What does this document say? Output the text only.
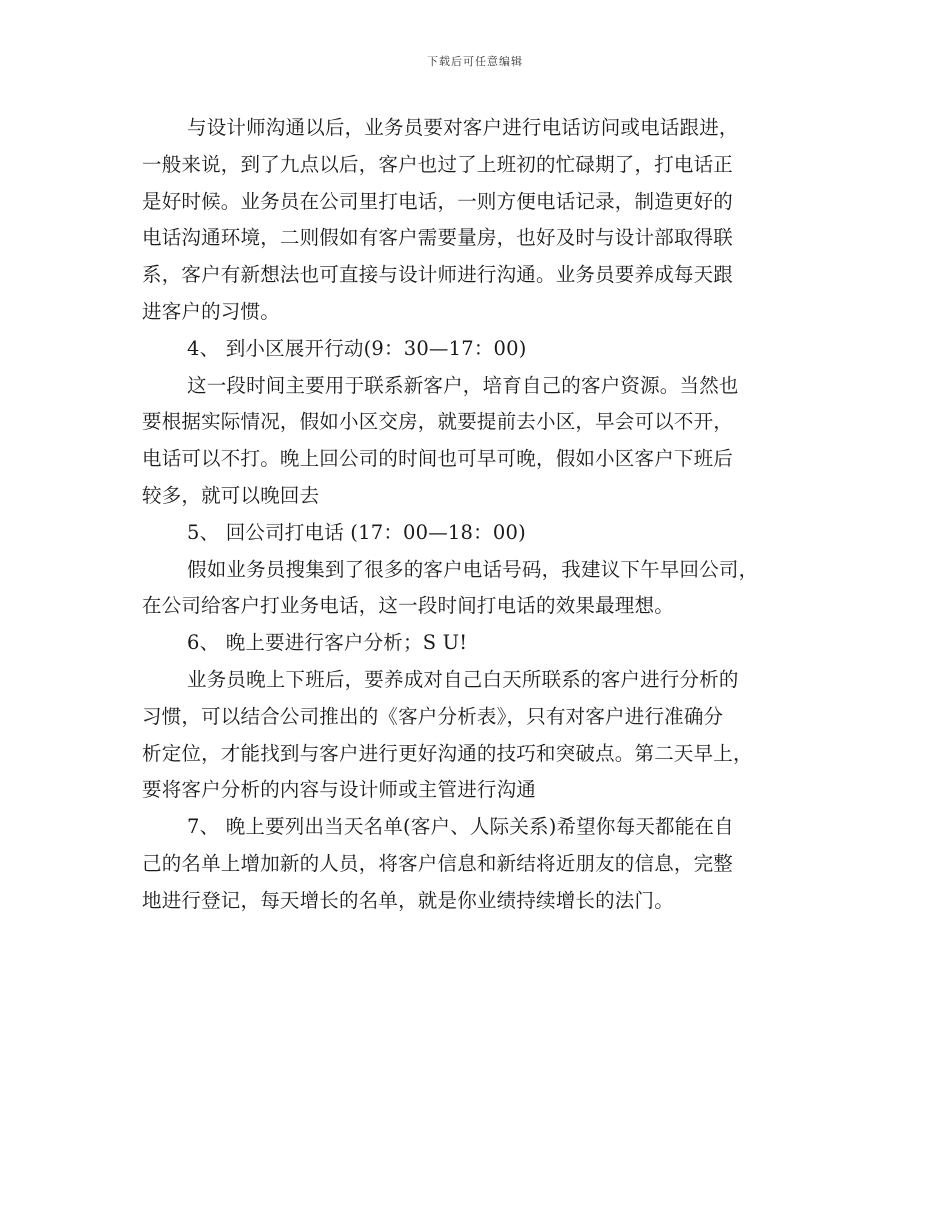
下载后可任意编辑
与设计师沟通以后，业务员要对客户进行电话访问或电话跟进，
一般来说，到了九点以后，客户也过了上班初的忙碌期了，打电话正
是好时候。业务员在公司里打电话，一则方便电话记录，制造更好的
电话沟通环境，二则假如有客户需要量房，也好及时与设计部取得联
系，客户有新想法也可直接与设计师进行沟通。业务员要养成每天跟
进客户的习惯。
4、 到小区展开行动(9：30—17：00)
这一段时间主要用于联系新客户，培育自己的客户资源。当然也
要根据实际情况，假如小区交房，就要提前去小区，早会可以不开，
电话可以不打。晚上回公司的时间也可早可晚，假如小区客户下班后
较多，就可以晚回去
5、 回公司打电话 (17：00—18：00)
假如业务员搜集到了很多的客户电话号码，我建议下午早回公司，
在公司给客户打业务电话，这一段时间打电话的效果最理想。
6、 晚上要进行客户分析；S U!
业务员晚上下班后，要养成对自己白天所联系的客户进行分析的
习惯，可以结合公司推出的《客户分析表》，只有对客户进行准确分
析定位，才能找到与客户进行更好沟通的技巧和突破点。第二天早上，
要将客户分析的内容与设计师或主管进行沟通
7、 晚上要列出当天名单(客户、人际关系)希望你每天都能在自
己的名单上增加新的人员，将客户信息和新结将近朋友的信息，完整
地进行登记，每天增长的名单，就是你业绩持续增长的法门。
